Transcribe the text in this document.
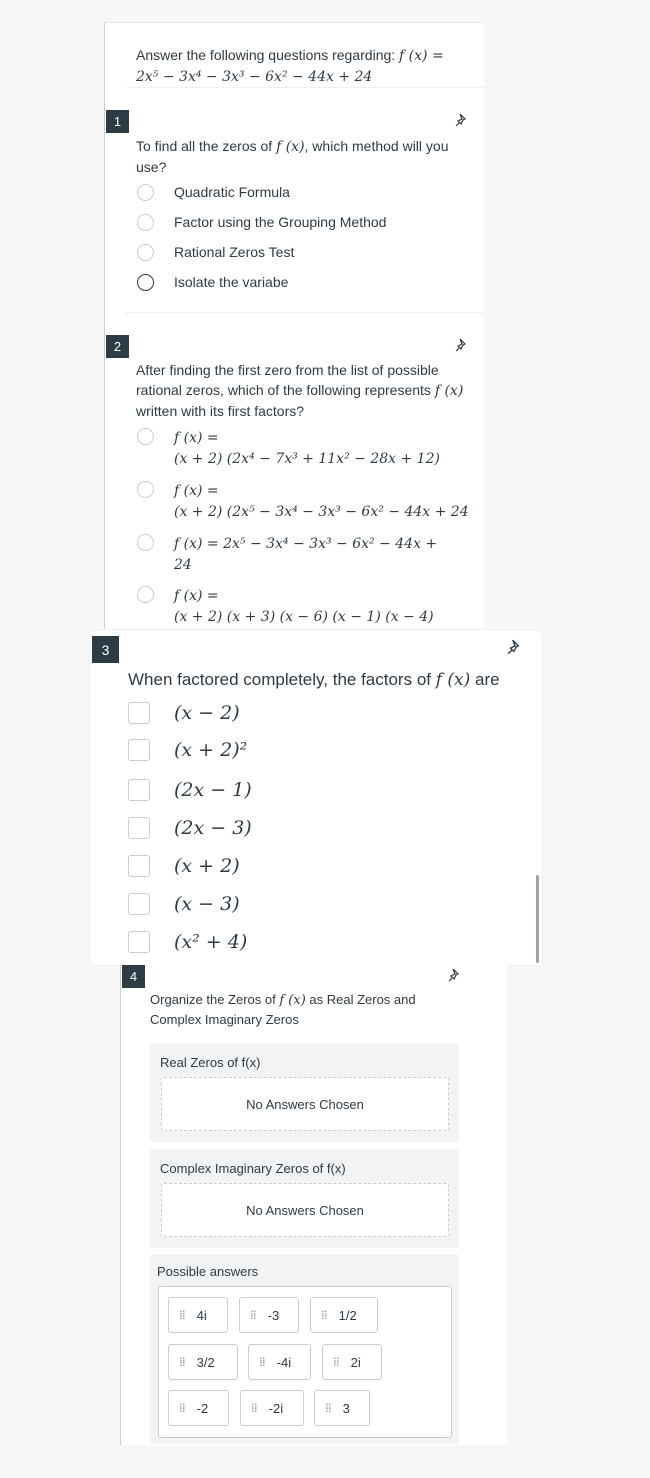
Answer the following questions regarding: f (x) =
2x⁵ − 3x⁴ − 3x³ − 6x² − 44x + 24
1
To find all the zeros of f (x), which method will you
use?
Quadratic Formula
Factor using the Grouping Method
Rational Zeros Test
Isolate the variabe
2
After finding the first zero from the list of possible
rational zeros, which of the following represents f (x)
written with its first factors?
f (x) =
(x + 2) (2x⁴ − 7x³ + 11x² − 28x + 12)
f (x) =
(x + 2) (2x⁵ − 3x⁴ − 3x³ − 6x² − 44x + 24
f (x) = 2x⁵ − 3x⁴ − 3x³ − 6x² − 44x +
24
f (x) =
(x + 2) (x + 3) (x − 6) (x − 1) (x − 4)
3
When factored completely, the factors of f (x) are
(x − 2)
(x + 2)²
(2x − 1)
(2x − 3)
(x + 2)
(x − 3)
(x² + 4)
4
Organize the Zeros of f (x) as Real Zeros and
Complex Imaginary Zeros
Real Zeros of f(x)
No Answers Chosen
Complex Imaginary Zeros of f(x)
No Answers Chosen
Possible answers
⁞⁞ 4i	⁞⁞ -3	⁞⁞ 1/2
⁞⁞ 3/2	⁞⁞ -4i	⁞⁞ 2i
⁞⁞ -2	⁞⁞ -2i	⁞⁞ 3
